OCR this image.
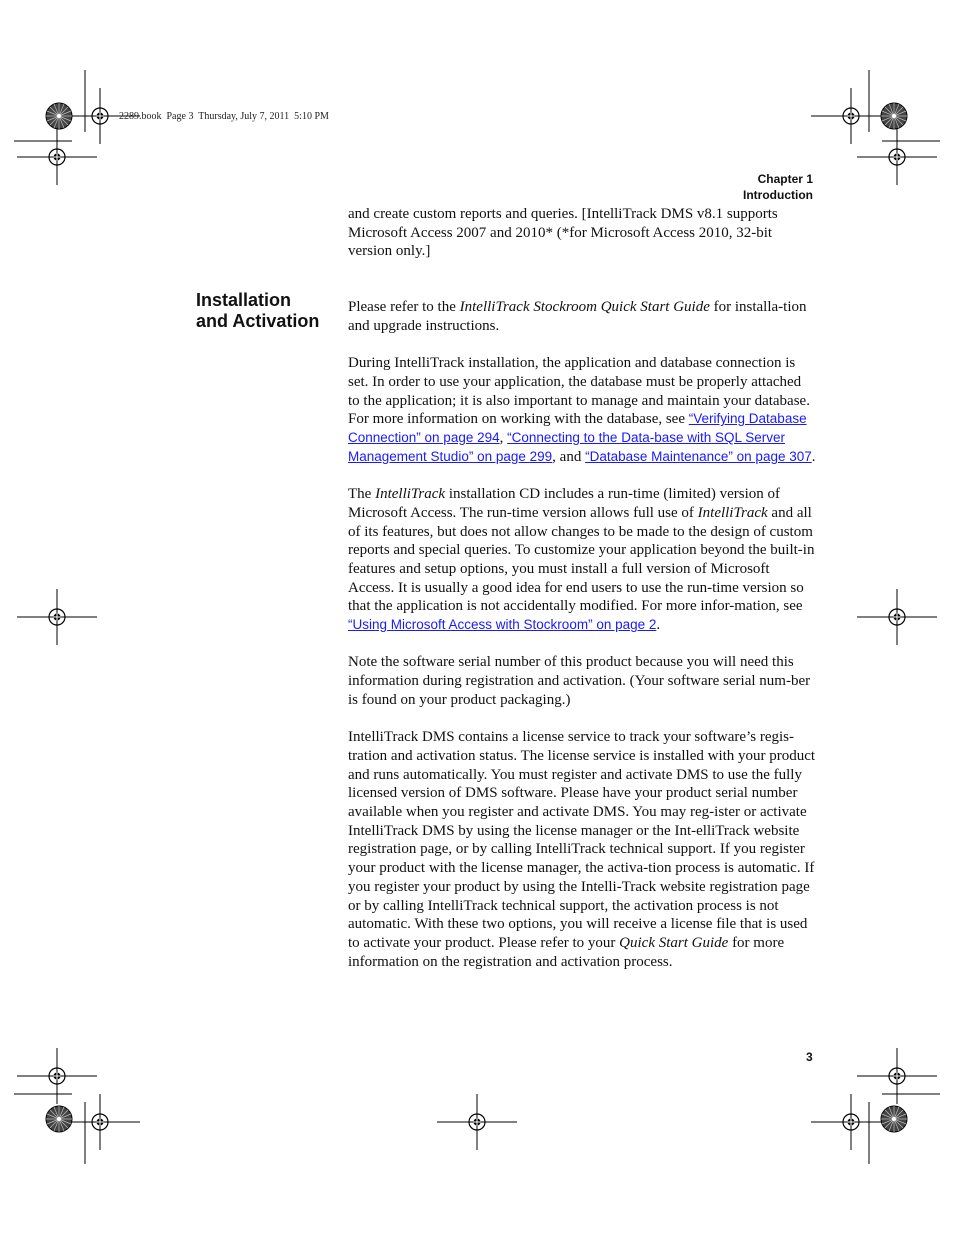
2289.book  Page 3  Thursday, July 7, 2011  5:10 PM
Chapter 1
Introduction
Installation
and Activation

and create custom reports and queries. [IntelliTrack DMS v8.1 supports Microsoft Access 2007 and 2010* (*for Microsoft Access 2010, 32-bit version only.]

Please refer to the IntelliTrack Stockroom Quick Start Guide for installa-tion and upgrade instructions.

During IntelliTrack installation, the application and database connection is set. In order to use your application, the database must be properly attached to the application; it is also important to manage and maintain your database. For more information on working with the database, see “Verifying Database Connection” on page 294, “Connecting to the Data-base with SQL Server Management Studio” on page 299, and “Database Maintenance” on page 307.

The IntelliTrack installation CD includes a run-time (limited) version of Microsoft Access. The run-time version allows full use of IntelliTrack and all of its features, but does not allow changes to be made to the design of custom reports and special queries. To customize your application beyond the built-in features and setup options, you must install a full version of Microsoft Access. It is usually a good idea for end users to use the run-time version so that the application is not accidentally modified. For more infor-mation, see “Using Microsoft Access with Stockroom” on page 2.

Note the software serial number of this product because you will need this information during registration and activation. (Your software serial num-ber is found on your product packaging.)

IntelliTrack DMS contains a license service to track your software’s regis-tration and activation status. The license service is installed with your product and runs automatically. You must register and activate DMS to use the fully licensed version of DMS software. Please have your product serial number available when you register and activate DMS. You may reg-ister or activate IntelliTrack DMS by using the license manager or the Int-elliTrack website registration page, or by calling IntelliTrack technical support. If you register your product with the license manager, the activa-tion process is automatic. If you register your product by using the Intelli-Track website registration page or by calling IntelliTrack technical support, the activation process is not automatic. With these two options, you will receive a license file that is used to activate your product. Please refer to your Quick Start Guide for more information on the registration and activation process.

3
